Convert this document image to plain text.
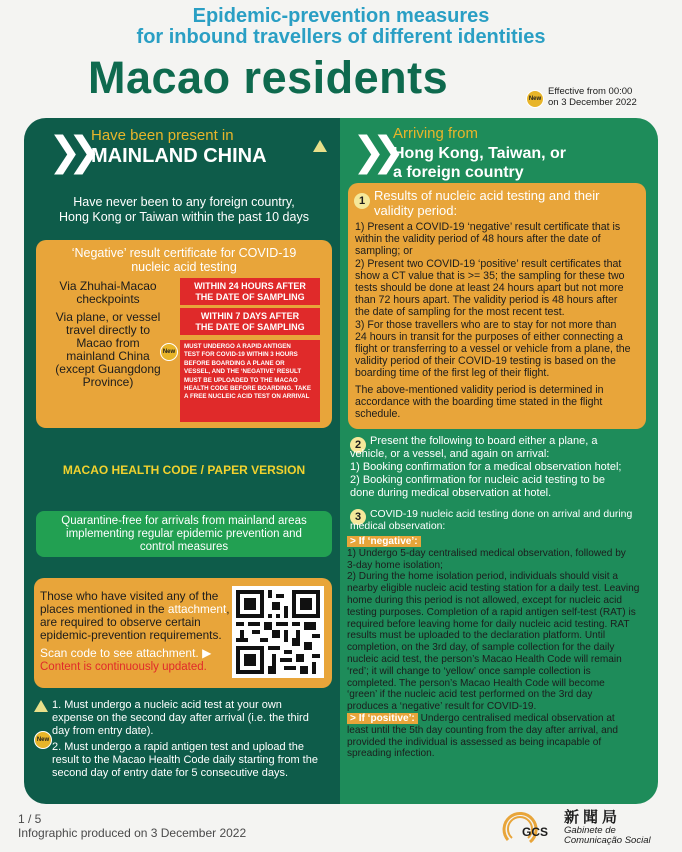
Epidemic-prevention measures
for inbound travellers of different identities
Macao residents	New
Effective from 00:00
on 3 December 2022
❯❯ Have been present in
MAINLAND CHINA
Have never been to any foreign country,
Hong Kong or Taiwan within the past 10 days
‘Negative’ result certificate for COVID-19
nucleic acid testing
Via Zhuhai-Macao
checkpoints
WITHIN 24 HOURS AFTER
THE DATE OF SAMPLING
Via plane, or vessel
travel directly to
Macao from
mainland China
(except Guangdong
Province)
WITHIN 7 DAYS AFTER
THE DATE OF SAMPLING
New
MUST UNDERGO A RAPID ANTIGEN
TEST FOR COVID-19 WITHIN 3 HOURS
BEFORE BOARDING A PLANE OR
VESSEL, AND THE ‘NEGATIVE’ RESULT
MUST BE UPLOADED TO THE MACAO
HEALTH CODE BEFORE BOARDING. TAKE
A FREE NUCLEIC ACID TEST ON ARRIVAL
MACAO HEALTH CODE / PAPER VERSION
Quarantine-free for arrivals from mainland areas
implementing regular epidemic prevention and
control measures
Those who have visited any of the
places mentioned in the attachment,
are required to observe certain
epidemic-prevention requirements.
Scan code to see attachment. ▶
Content is continuously updated.
1. Must undergo a nucleic acid test at your own
expense on the second day after arrival (i.e. the third
day from entry date).
New
2. Must undergo a rapid antigen test and upload the
result to the Macao Health Code daily starting from the
second day of entry date for 5 consecutive days.
❯❯ Arriving from
Hong Kong, Taiwan, or
a foreign country
1 Results of nucleic acid testing and their
validity period:
1) Present a COVID-19 ‘negative’ result certificate that is
within the validity period of 48 hours after the date of
sampling; or
2) Present two COVID-19 ‘positive’ result certificates that
show a CT value that is >= 35; the sampling for these two
tests should be done at least 24 hours apart but not more
than 72 hours apart. The validity period is 48 hours after
the date of sampling for the most recent test.
3) For those travellers who are to stay for not more than
24 hours in transit for the purposes of either connecting a
flight or transferring to a vessel or vehicle from a plane, the
validity period of their COVID-19 testing is based on the
boarding time of the first leg of their flight.
The above-mentioned validity period is determined in
accordance with the boarding time stated in the flight
schedule.
2 Present the following to board either a plane, a
vehicle, or a vessel, and again on arrival:
1) Booking confirmation for a medical observation hotel;
2) Booking confirmation for nucleic acid testing to be
done during medical observation at hotel.
3 COVID-19 nucleic acid testing done on arrival and during
medical observation:
> If ‘negative’:
1) Undergo 5-day centralised medical observation, followed by
3-day home isolation;
2) During the home isolation period, individuals should visit a
nearby eligible nucleic acid testing station for a daily test. Leaving
home during this period is not allowed, except for nucleic acid
testing purposes. Completion of a rapid antigen self-test (RAT) is
required before leaving home for daily nucleic acid testing. RAT
results must be uploaded to the declaration platform. Until
completion, on the 3rd day, of sample collection for the daily
nucleic acid test, the person’s Macao Health Code will remain
‘red’; it will change to ‘yellow’ once sample collection is
completed. The person’s Macao Health Code will become
‘green’ if the nucleic acid test performed on the 3rd day
produces a ‘negative’ result for COVID-19.
> If ‘positive’: Undergo centralised medical observation at
least until the 5th day counting from the day after arrival, and
provided the individual is assessed as being incapable of
spreading infection.
1 / 5
Infographic produced on 3 December 2022	GCS
新聞局
Gabinete de
Comunicação Social
